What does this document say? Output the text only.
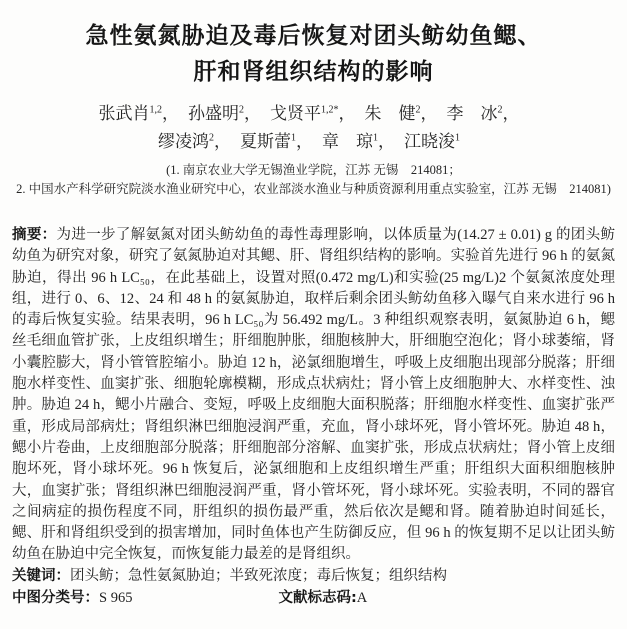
急性氨氮胁迫及毒后恢复对团头鲂幼鱼鳃、
肝和肾组织结构的影响
张武肖$^{1,2}$， 孙盛明$^2$， 戈贤平$^{1,2*}$， 朱　健$^2$， 李　冰$^2$，
缪凌鸿$^2$， 夏斯蕾$^1$， 章　琼$^1$， 江晓浚$^1$
(1. 南京农业大学无锡渔业学院，江苏 无锡　214081；
2. 中国水产科学研究院淡水渔业研究中心，农业部淡水渔业与种质资源利用重点实验室，江苏 无锡　214081)

摘要：为进一步了解氨氮对团头鲂幼鱼的毒性毒理影响，以体质量为(14.27 ± 0.01) g 的团头鲂幼鱼为研究对象，研究了氨氮胁迫对其鳃、肝、肾组织结构的影响。实验首先进行 96 h 的氨氮胁迫，得出 96 h LC₅₀，在此基础上，设置对照(0.472 mg/L)和实验(25 mg/L)2 个氨氮浓度处理组，进行 0、6、12、24 和 48 h 的氨氮胁迫，取样后剩余团头鲂幼鱼移入曝气自来水进行 96 h 的毒后恢复实验。结果表明，96 h LC₅₀为 56.492 mg/L。3 种组织观察表明，氨氮胁迫 6 h，鳃丝毛细血管扩张，上皮组织增生；肝细胞肿胀，细胞核肿大，肝细胞空泡化；肾小球萎缩，肾小囊腔膨大，肾小管管腔缩小。胁迫 12 h，泌氯细胞增生，呼吸上皮细胞出现部分脱落；肝细胞水样变性、血窦扩张、细胞轮廓模糊，形成点状病灶；肾小管上皮细胞肿大、水样变性、浊肿。胁迫 24 h，鳃小片融合、变短，呼吸上皮细胞大面积脱落；肝细胞水样变性、血窦扩张严重，形成局部病灶；肾组织淋巴细胞浸润严重，充血，肾小球坏死，肾小管坏死。胁迫 48 h，鳃小片卷曲，上皮细胞部分脱落；肝细胞部分溶解、血窦扩张，形成点状病灶；肾小管上皮细胞坏死，肾小球坏死。96 h 恢复后，泌氯细胞和上皮组织增生严重；肝组织大面积细胞核肿大，血窦扩张；肾组织淋巴细胞浸润严重，肾小管坏死，肾小球坏死。实验表明，不同的器官之间病症的损伤程度不同，肝组织的损伤最严重，然后依次是鳃和肾。随着胁迫时间延长，鳃、肝和肾组织受到的损害增加，同时鱼体也产生防御反应，但 96 h 的恢复期不足以让团头鲂幼鱼在胁迫中完全恢复，而恢复能力最差的是肾组织。

关键词：团头鲂；急性氨氮胁迫；半致死浓度；毒后恢复；组织结构

中图分类号：S 965	文献标志码:A
